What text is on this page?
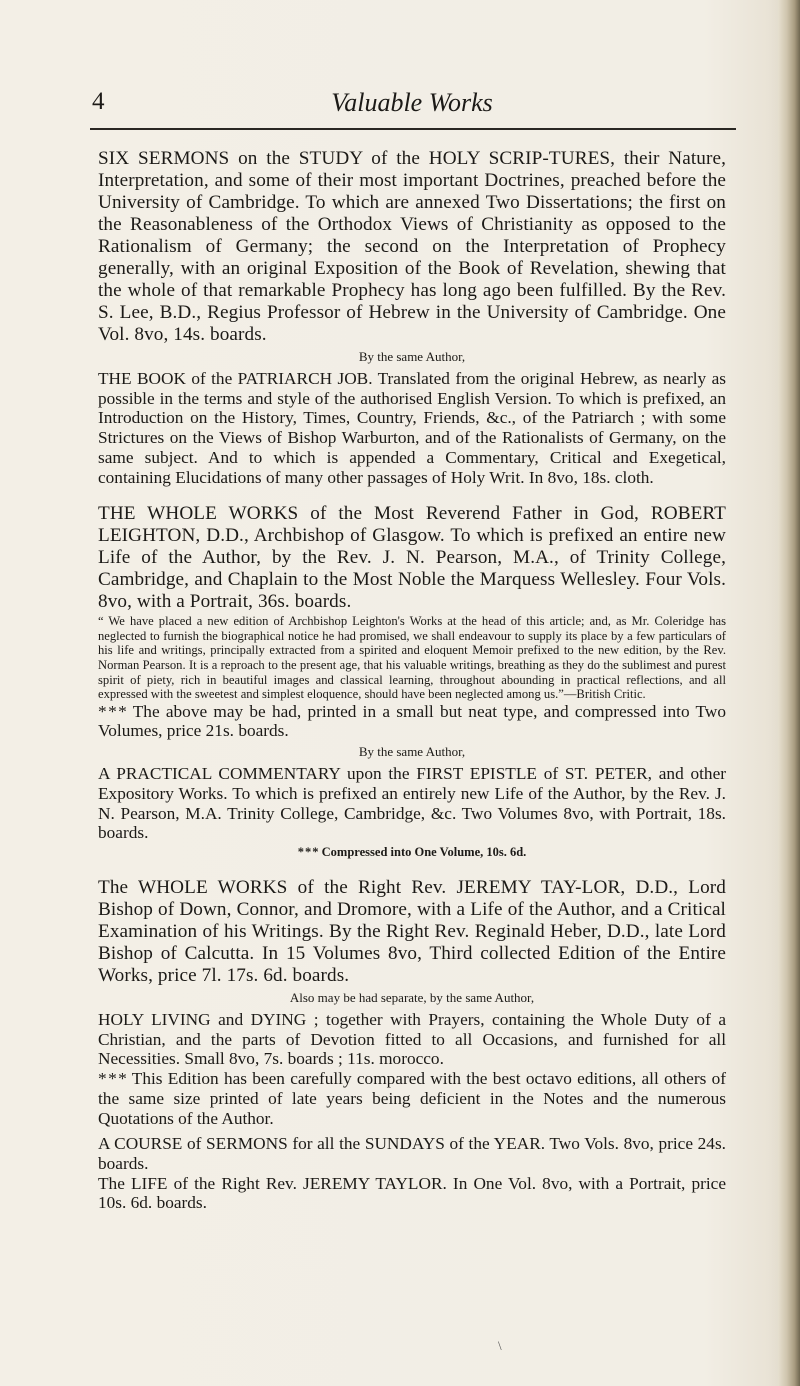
4	Valuable Works

SIX SERMONS on the STUDY of the HOLY SCRIP-TURES, their Nature, Interpretation, and some of their most important Doctrines, preached before the University of Cambridge. To which are annexed Two Dissertations; the first on the Reasonableness of the Orthodox Views of Christianity as opposed to the Rationalism of Germany; the second on the Interpretation of Prophecy generally, with an original Exposition of the Book of Revelation, shewing that the whole of that remarkable Prophecy has long ago been fulfilled. By the Rev. S. Lee, B.D., Regius Professor of Hebrew in the University of Cambridge. One Vol. 8vo, 14s. boards.

By the same Author,

THE BOOK of the PATRIARCH JOB. Translated from the original Hebrew, as nearly as possible in the terms and style of the authorised English Version. To which is prefixed, an Introduction on the History, Times, Country, Friends, &c., of the Patriarch ; with some Strictures on the Views of Bishop Warburton, and of the Rationalists of Germany, on the same subject. And to which is appended a Commentary, Critical and Exegetical, containing Elucidations of many other passages of Holy Writ. In 8vo, 18s. cloth.

THE WHOLE WORKS of the Most Reverend Father in God, ROBERT LEIGHTON, D.D., Archbishop of Glasgow. To which is prefixed an entire new Life of the Author, by the Rev. J. N. Pearson, M.A., of Trinity College, Cambridge, and Chaplain to the Most Noble the Marquess Wellesley. Four Vols. 8vo, with a Portrait, 36s. boards.

“ We have placed a new edition of Archbishop Leighton's Works at the head of this article; and, as Mr. Coleridge has neglected to furnish the biographical notice he had promised, we shall endeavour to supply its place by a few particulars of his life and writings, principally extracted from a spirited and eloquent Memoir prefixed to the new edition, by the Rev. Norman Pearson. It is a reproach to the present age, that his valuable writings, breathing as they do the sublimest and purest spirit of piety, rich in beautiful images and classical learning, throughout abounding in practical reflections, and all expressed with the sweetest and simplest eloquence, should have been neglected among us.”—British Critic.

* * * The above may be had, printed in a small but neat type, and compressed into Two Volumes, price 21s. boards.

By the same Author,

A PRACTICAL COMMENTARY upon the FIRST EPISTLE of ST. PETER, and other Expository Works. To which is prefixed an entirely new Life of the Author, by the Rev. J. N. Pearson, M.A. Trinity College, Cambridge, &c. Two Volumes 8vo, with Portrait, 18s. boards.

* * * Compressed into One Volume, 10s. 6d.

The WHOLE WORKS of the Right Rev. JEREMY TAY-LOR, D.D., Lord Bishop of Down, Connor, and Dromore, with a Life of the Author, and a Critical Examination of his Writings. By the Right Rev. Reginald Heber, D.D., late Lord Bishop of Calcutta. In 15 Volumes 8vo, Third collected Edition of the Entire Works, price 7l. 17s. 6d. boards.

Also may be had separate, by the same Author,

HOLY LIVING and DYING ; together with Prayers, containing the Whole Duty of a Christian, and the parts of Devotion fitted to all Occasions, and furnished for all Necessities. Small 8vo, 7s. boards ; 11s. morocco.

* * * This Edition has been carefully compared with the best octavo editions, all others of the same size printed of late years being deficient in the Notes and the numerous Quotations of the Author.

A COURSE of SERMONS for all the SUNDAYS of the YEAR. Two Vols. 8vo, price 24s. boards.

The LIFE of the Right Rev. JEREMY TAYLOR. In One Vol. 8vo, with a Portrait, price 10s. 6d. boards.

\
